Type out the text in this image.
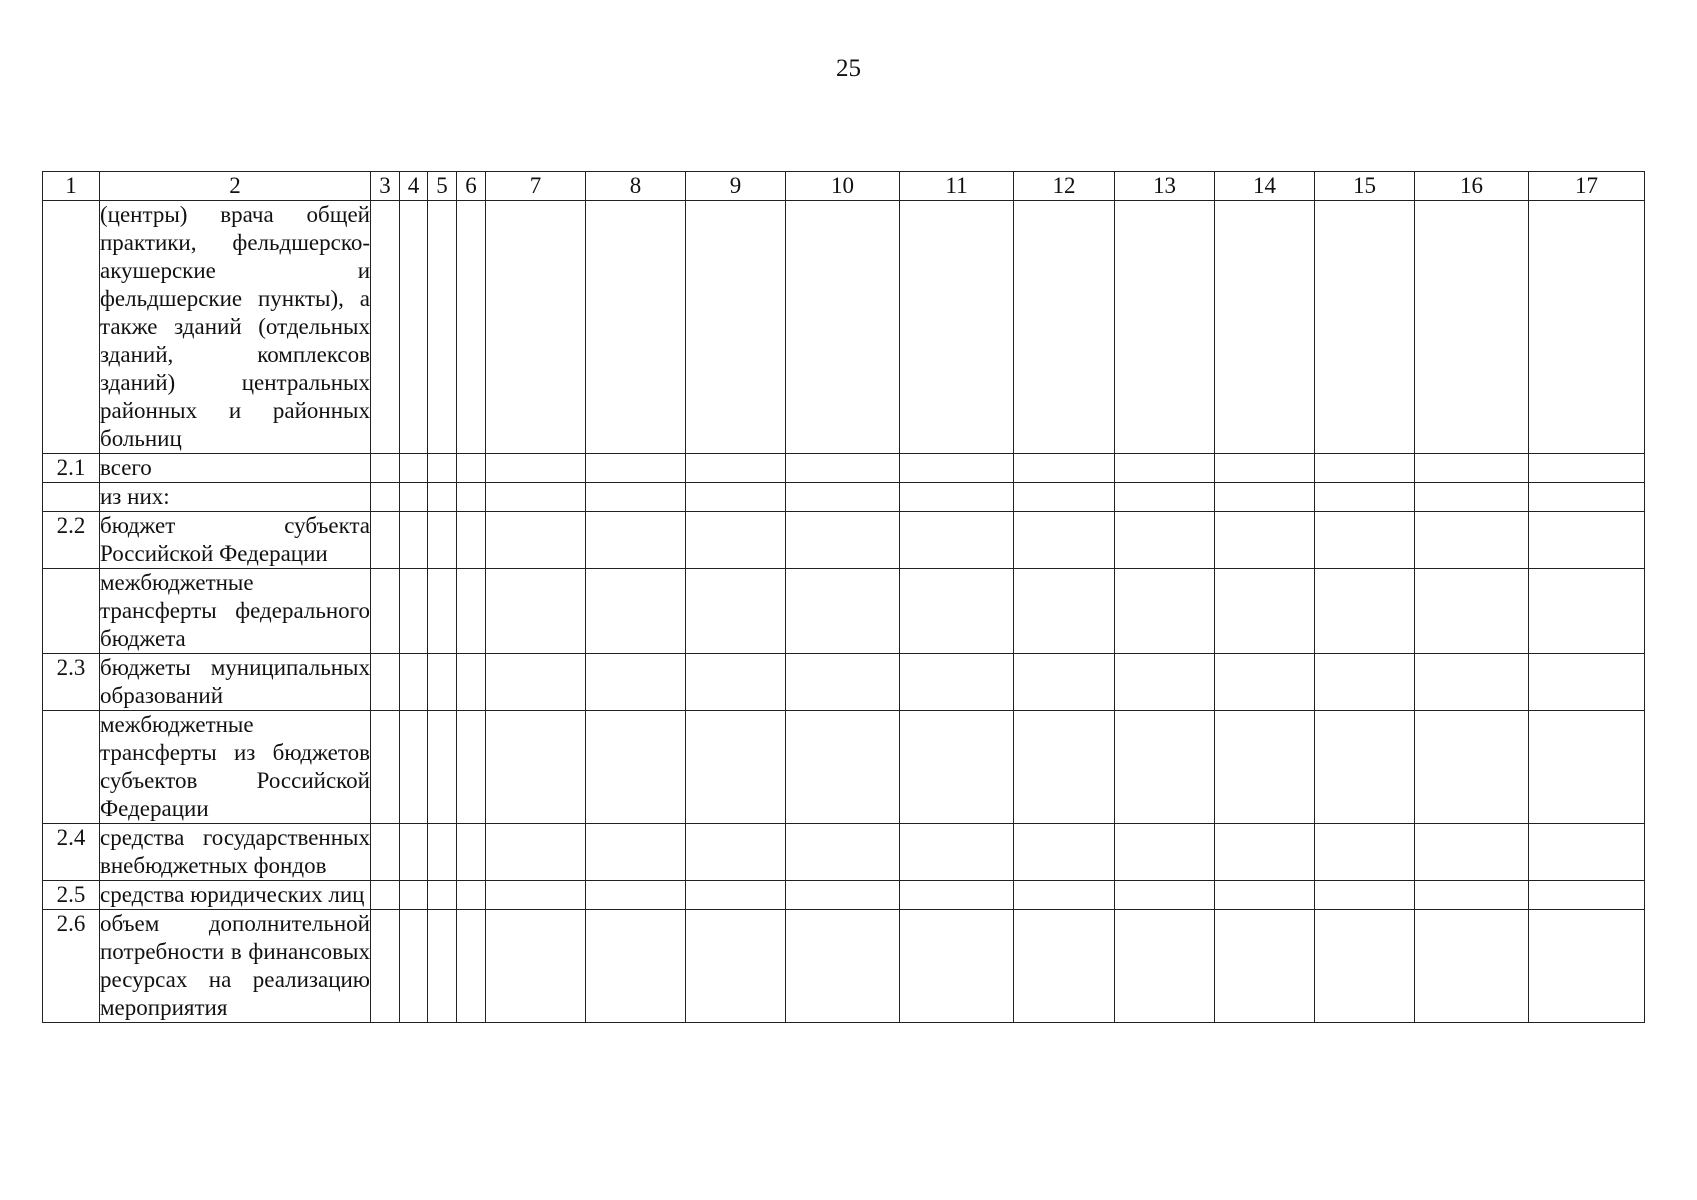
25
1	2	3	4	5	6	7	8	9	10	11	12	13	14	15	16	17
	(центры) врача общей практики, фельдшерско-акушерские и фельдшерские пункты), а также зданий (отдельных зданий, комплексов зданий) центральных районных и районных больниц															
2.1	всего															
	из них:															
2.2	бюджет субъекта Российской Федерации															
	межбюджетные трансферты федерального бюджета															
2.3	бюджеты муниципальных образований															
	межбюджетные трансферты из бюджетов субъектов Российской Федерации															
2.4	средства государственных внебюджетных фондов															
2.5	средства юридических лиц															
2.6	объем дополнительной потребности в финансовых ресурсах на реализацию мероприятия															
